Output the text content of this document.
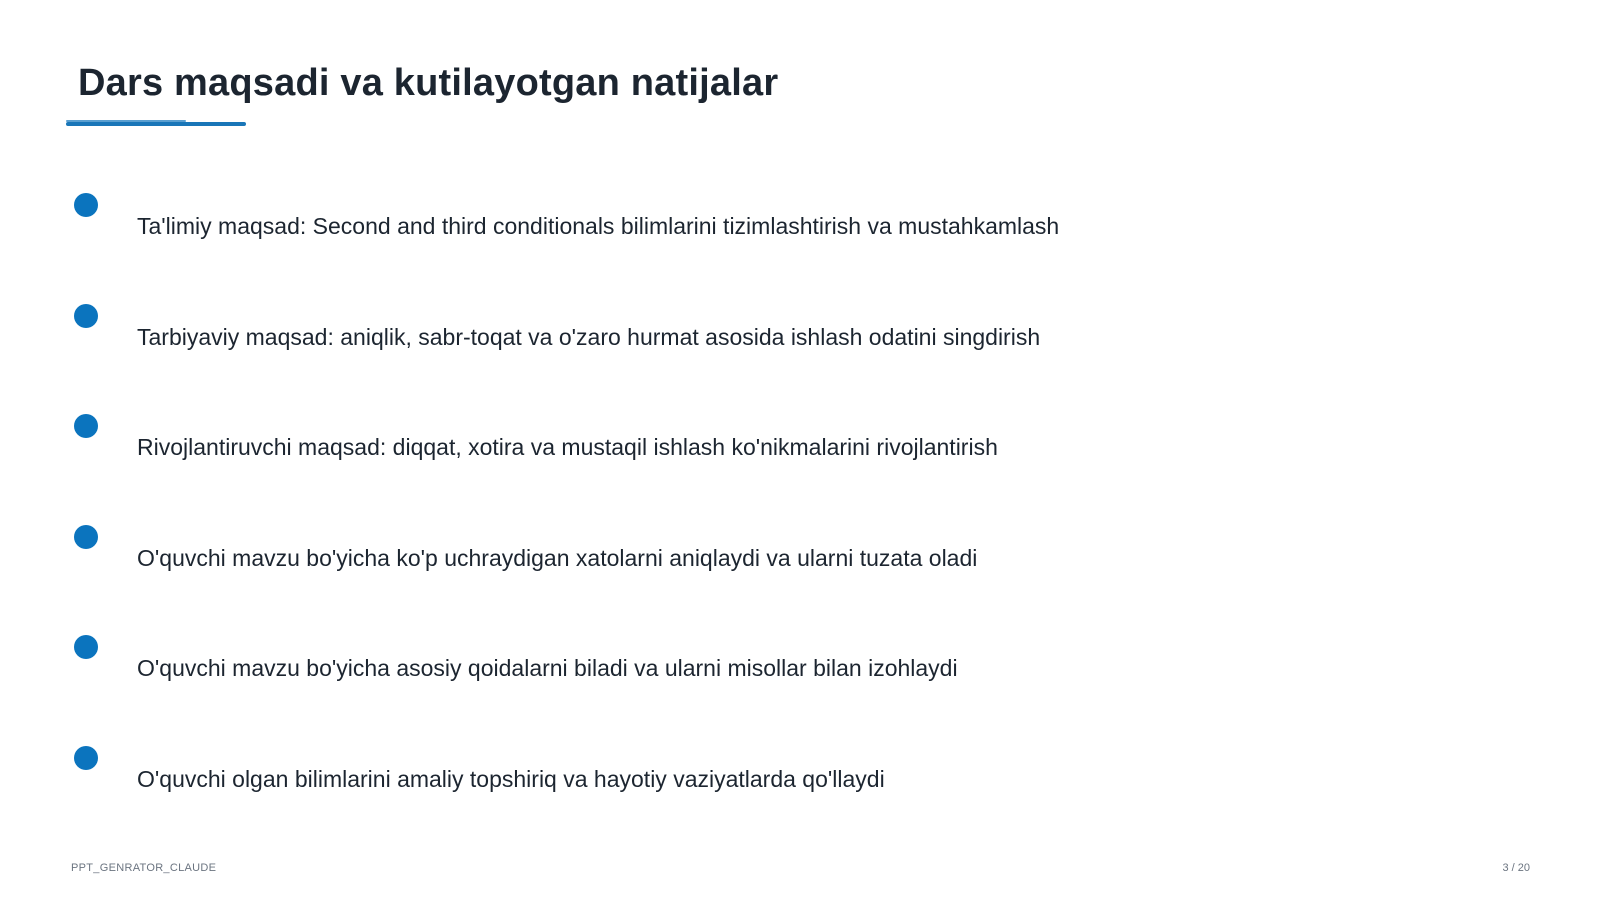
Dars maqsadi va kutilayotgan natijalar
Ta'limiy maqsad: Second and third conditionals bilimlarini tizimlashtirish va mustahkamlash
Tarbiyaviy maqsad: aniqlik, sabr-toqat va o'zaro hurmat asosida ishlash odatini singdirish
Rivojlantiruvchi maqsad: diqqat, xotira va mustaqil ishlash ko'nikmalarini rivojlantirish
O'quvchi mavzu bo'yicha ko'p uchraydigan xatolarni aniqlaydi va ularni tuzata oladi
O'quvchi mavzu bo'yicha asosiy qoidalarni biladi va ularni misollar bilan izohlaydi
O'quvchi olgan bilimlarini amaliy topshiriq va hayotiy vaziyatlarda qo'llaydi
PPT_GENRATOR_CLAUDE	3 / 20
